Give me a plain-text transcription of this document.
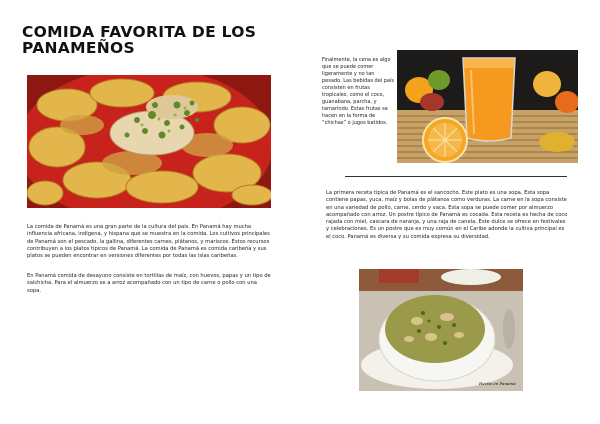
COMIDA FAVORITA DE LOS PANAMEÑOS
La comida de Panamá es una gran parte de la cultura del país. En Panamá hay mucha influencia africana, indígena, y hispana que se muestra en la comida. Los cultivos principales de Panamá son el pescado, la gallina, diferentes carnes, plátanos, y mariscos. Estos recursos contribuyen a los platos típicos de Panamá. La comida de Panamá es comida caribeña y sus platos se pueden encontrar en versiones diferentes por todas las islas caribeñas.
En Panamá comida de desayuno consiste en tortillas de maíz, con huevos, papas y un tipo de salchicha. Para el almuerzo se a arroz acompañado con un tipo de carne o pollo con una sopa.
Finalmente, la cena es algo que se puede comer ligeramente y no tan pesado. Las bebidas del país consisten en frutas tropicales, como el coco, guanabana, parcha, y tamarindo. Estas frutas se hacen en la forma de “chichas” o jugos batidos.
La primera receta típica de Panamá es el sancocho. Este plato es una sopa. Esta sopa contiene papas, yuca, maíz y bolas de plátanos como verduras. La carne en la sopa consiste en una variedad de pollo, carne, cerdo y vaca. Esta sopa se puede comer por almuerzo acompañado con arroz. Un postre típico de Panamá es cocada. Esta receta es hecha de coco rajada con miel, cascara de naranja, y una raja de canela. Este dulce se ofrece en festivales y celebraciones. Es un postre que es muy común en el Caribe adonde la cultiva principal es el coco. Panamá es diversa y su comida expresa su diversidad.
Hecho en Panamá
